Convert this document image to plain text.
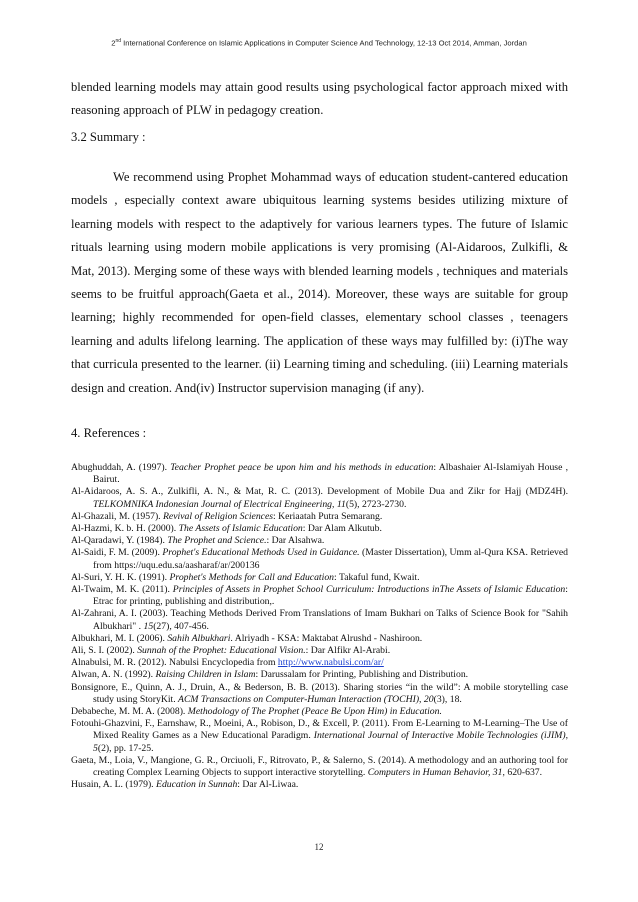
2nd International Conference on Islamic Applications in Computer Science And Technology, 12-13 Oct 2014, Amman, Jordan
blended learning models may attain good results using psychological factor approach mixed with reasoning approach of PLW in pedagogy creation.
3.2 Summary :
We recommend using Prophet Mohammad ways of education student-cantered education models , especially context aware ubiquitous learning systems besides utilizing mixture of learning models with respect to the adaptively for various learners types. The future of Islamic rituals learning using modern mobile applications is very promising (Al-Aidaroos, Zulkifli, & Mat, 2013). Merging some of these ways with blended learning models , techniques and materials seems to be fruitful approach(Gaeta et al., 2014). Moreover, these ways are suitable for group learning; highly recommended for open-field classes, elementary school classes , teenagers learning and adults lifelong learning. The application of these ways may fulfilled by: (i)The way that curricula presented to the learner. (ii) Learning timing and scheduling. (iii) Learning materials design and creation. And(iv) Instructor supervision managing (if any).
4. References :

Abughuddah, A. (1997). Teacher Prophet peace be upon him and his methods in education: Albashaier Al-Islamiyah House , Bairut.

Al-Aidaroos, A. S. A., Zulkifli, A. N., & Mat, R. C. (2013). Development of Mobile Dua and Zikr for Hajj (MDZ4H). TELKOMNIKA Indonesian Journal of Electrical Engineering, 11(5), 2723-2730.

Al-Ghazali, M. (1957). Revival of Religion Sciences: Keriaatah Putra Semarang.

Al-Hazmi, K. b. H. (2000). The Assets of Islamic Education: Dar Alam Alkutub.

Al-Qaradawi, Y. (1984). The Prophet and Science.: Dar Alsahwa.

Al-Saidi, F. M. (2009). Prophet's Educational Methods Used in Guidance. (Master Dissertation), Umm al-Qura KSA. Retrieved from https://uqu.edu.sa/aasharaf/ar/200136

Al-Suri, Y. H. K. (1991). Prophet's Methods for Call and Education: Takaful fund, Kwait.

Al-Twaim, M. K. (2011). Principles of Assets in Prophet School Curriculum: Introductions inThe Assets of Islamic Education: Etrac for printing, publishing and distribution,.

Al-Zahrani, A. I. (2003). Teaching Methods Derived From Translations of Imam Bukhari on Talks of Science Book for "Sahih Albukhari" . 15(27), 407-456.

Albukhari, M. I. (2006). Sahih Albukhari. Alriyadh - KSA: Maktabat Alrushd - Nashiroon.

Ali, S. I. (2002). Sunnah of the Prophet: Educational Vision.: Dar Alfikr Al-Arabi.

Alnabulsi, M. R. (2012). Nabulsi Encyclopedia from http://www.nabulsi.com/ar/

Alwan, A. N. (1992). Raising Children in Islam: Darussalam for Printing, Publishing and Distribution.

Bonsignore, E., Quinn, A. J., Druin, A., & Bederson, B. B. (2013). Sharing stories “in the wild”: A mobile storytelling case study using StoryKit. ACM Transactions on Computer-Human Interaction (TOCHI), 20(3), 18.

Debabeche, M. M. A. (2008). Methodology of The Prophet (Peace Be Upon Him) in Education.

Fotouhi-Ghazvini, F., Earnshaw, R., Moeini, A., Robison, D., & Excell, P. (2011). From E-Learning to M-Learning–The Use of Mixed Reality Games as a New Educational Paradigm. International Journal of Interactive Mobile Technologies (iJIM), 5(2), pp. 17-25.

Gaeta, M., Loia, V., Mangione, G. R., Orciuoli, F., Ritrovato, P., & Salerno, S. (2014). A methodology and an authoring tool for creating Complex Learning Objects to support interactive storytelling. Computers in Human Behavior, 31, 620-637.

Husain, A. L. (1979). Education in Sunnah: Dar Al-Liwaa.

12
